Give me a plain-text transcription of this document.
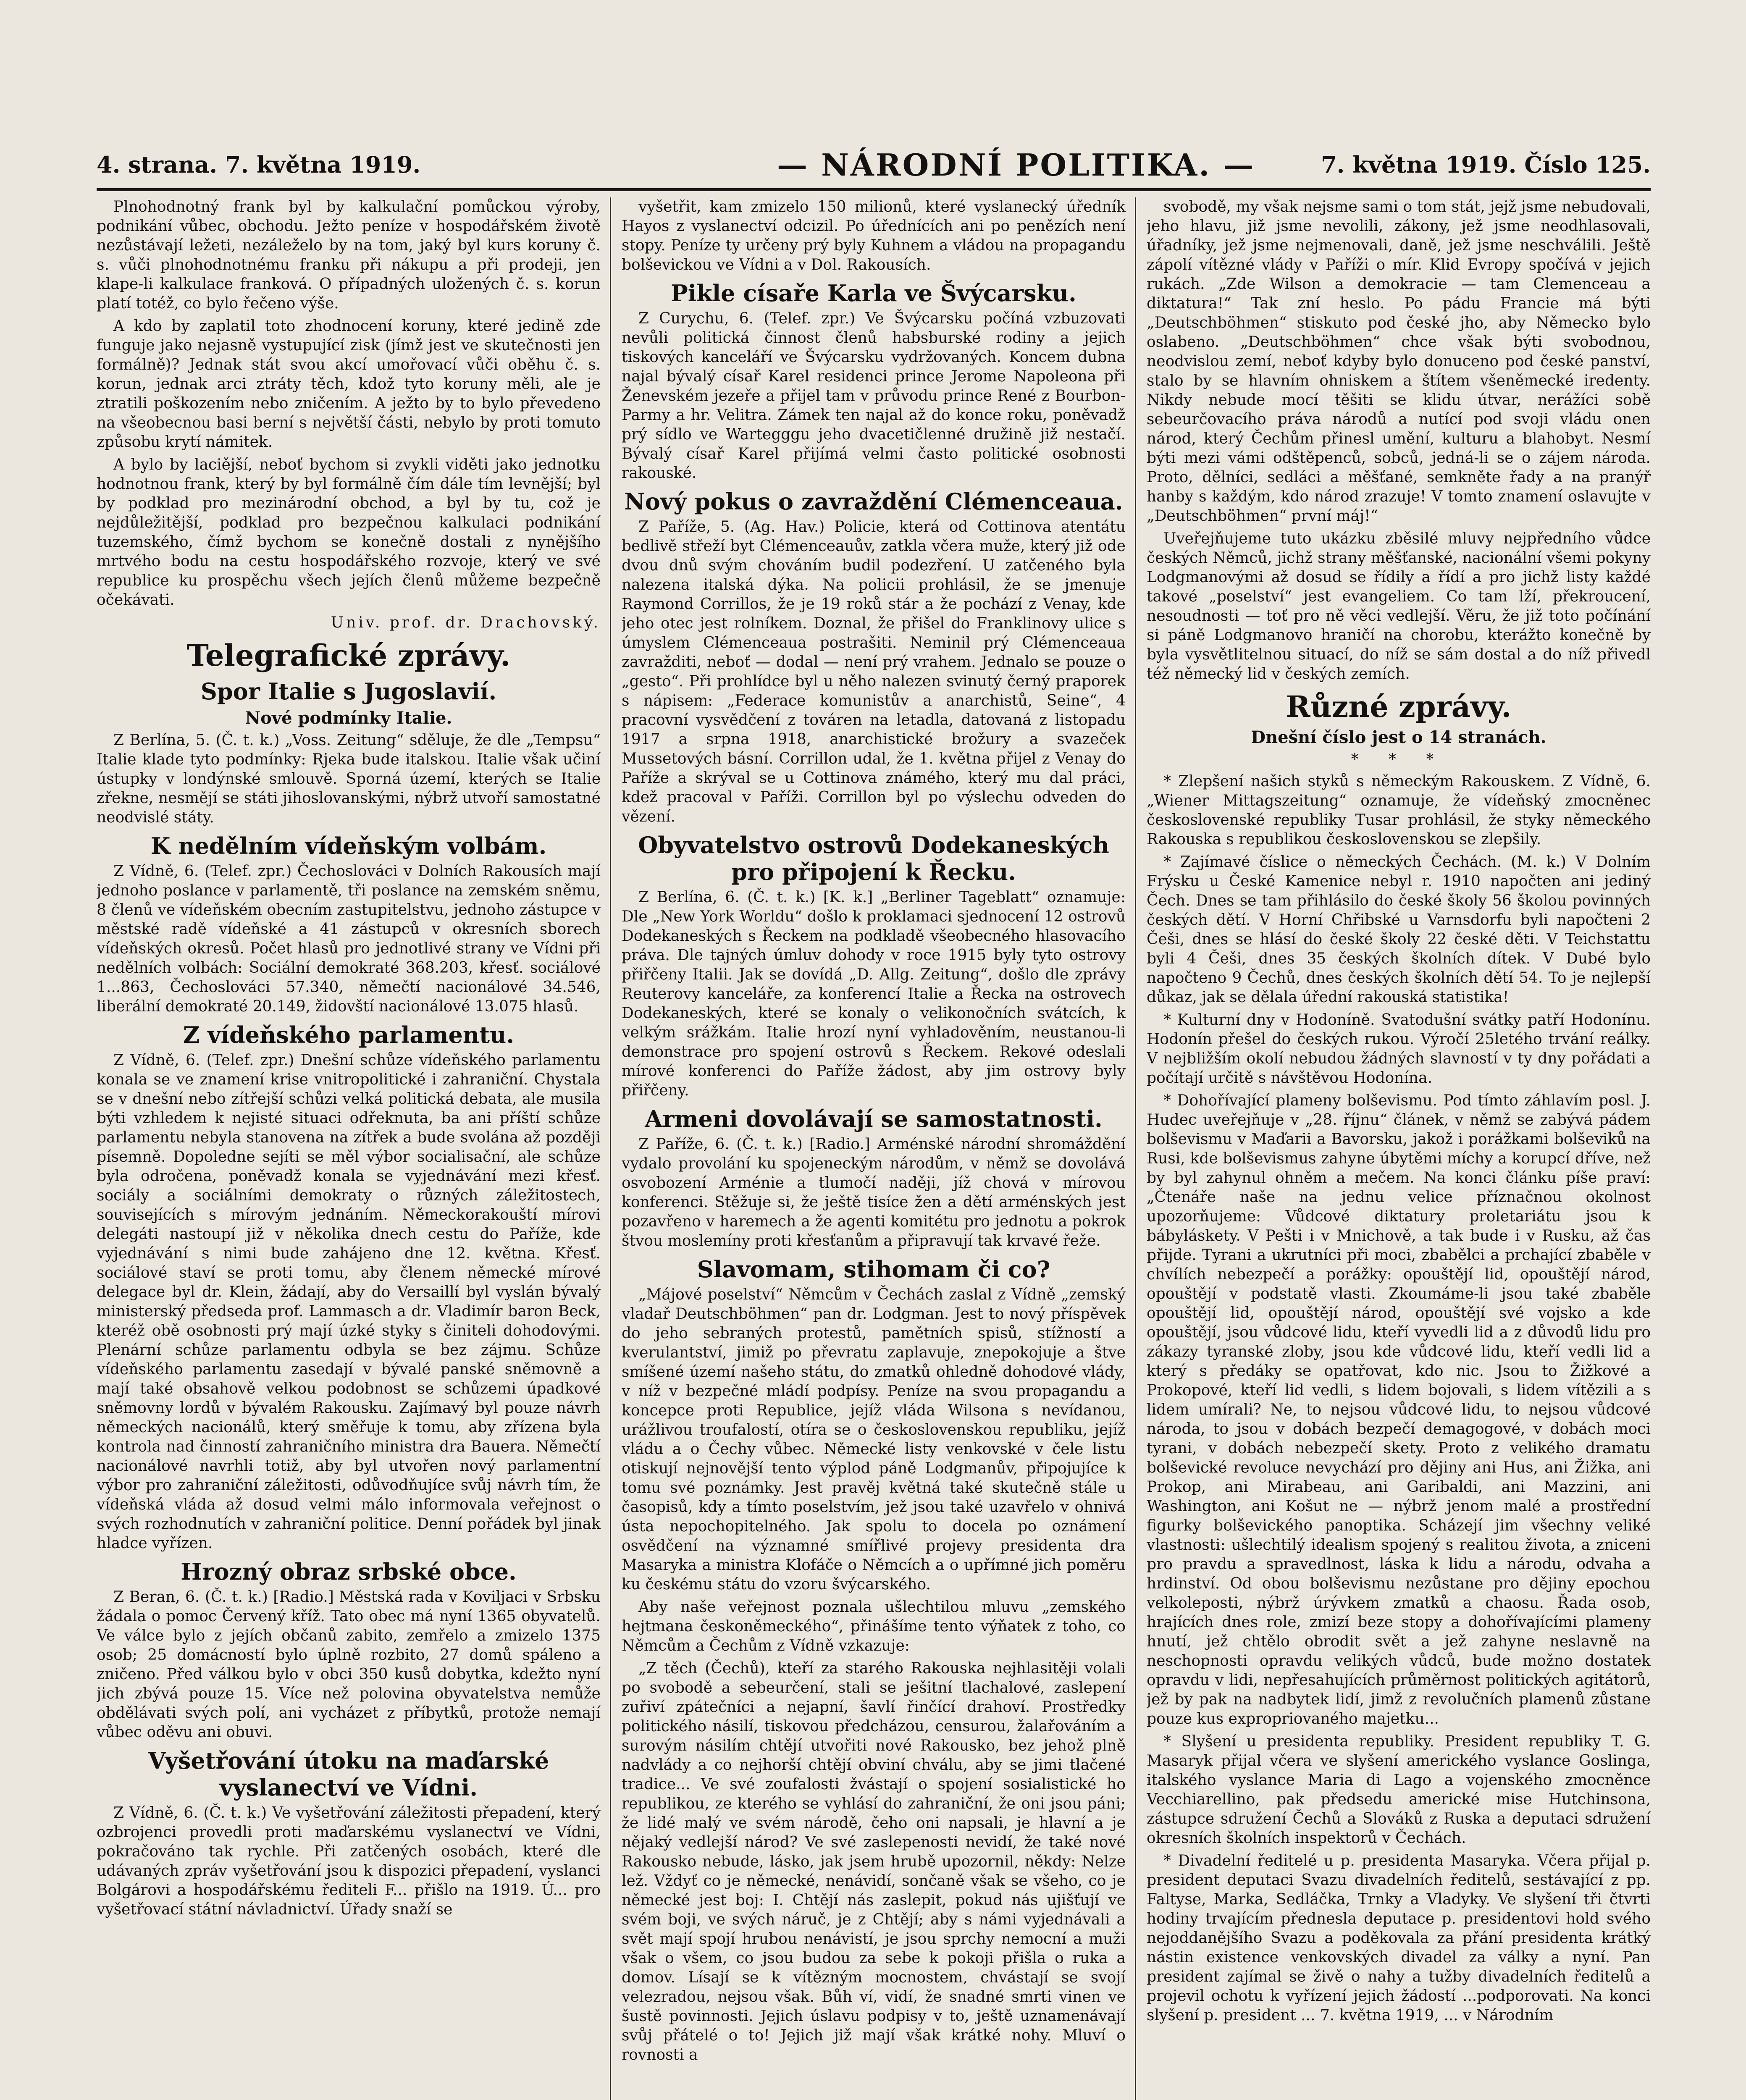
4. strana. 7. května 1919.	— NÁRODNÍ POLITIKA. —	7. května 1919. Číslo 125.

Plnohodnotný frank byl by kalkulační pomůckou výroby, podnikání vůbec, obchodu. Ježto peníze v hospodářském životě nezůstávají ležeti, nezáleželo by na tom, jaký byl kurs koruny č. s. vůči plnohodnotnému franku při nákupu a při prodeji, jen klape-li kalkulace franková. O případných uložených č. s. korun platí totéž, co bylo řečeno výše.

A kdo by zaplatil toto zhodnocení koruny, které jedině zde funguje jako nejasně vystupující zisk (jímž jest ve skutečnosti jen formálně)? Jednak stát svou akcí umořovací vůči oběhu č. s. korun, jednak arci ztráty těch, kdož tyto koruny měli, ale je ztratili poškozením nebo zničením. A ježto by to bylo převedeno na všeobecnou basi berní s největší části, nebylo by proti tomuto způsobu krytí námitek.

A bylo by laciější, neboť bychom si zvykli viděti jako jednotku hodnotnou frank, který by byl formálně čím dále tím levnější; byl by podklad pro mezinárodní obchod, a byl by tu, což je nejdůležitější, podklad pro bezpečnou kalkulaci podnikání tuzemského, čímž bychom se konečně dostali z nynějšího mrtvého bodu na cestu hospodářského rozvoje, který ve své republice ku prospěchu všech jejích členů můžeme bezpečně očekávati.

Univ. prof. dr. Drachovský.

Telegrafické zprávy.
Spor Italie s Jugoslavií.
Nové podmínky Italie.

Z Berlína, 5. (Č. t. k.) „Voss. Zeitung“ sděluje, že dle „Tempsu“ Italie klade tyto podmínky: Rjeka bude italskou. Italie však učiní ústupky v londýnské smlouvě. Sporná území, kterých se Italie zřekne, nesmějí se státi jihoslovanskými, nýbrž utvoří samostatné neodvislé státy.

K nedělním vídeňským volbám.

Z Vídně, 6. (Telef. zpr.) Čechoslováci v Dolních Rakousích mají jednoho poslance v parlamentě, tři poslance na zemském sněmu, 8 členů ve vídeňském obecním zastupitelstvu, jednoho zástupce v městské radě vídeňské a 41 zástupců v okresních sborech vídeňských okresů. Počet hlasů pro jednotlivé strany ve Vídni při nedělních volbách: Sociální demokraté 368.203, křesť. sociálové 1...863, Čechoslováci 57.340, němečtí nacionálové 34.546, liberální demokraté 20.149, židovští nacionálové 13.075 hlasů.

Z vídeňského parlamentu.

Z Vídně, 6. (Telef. zpr.) Dnešní schůze vídeňského parlamentu konala se ve znamení krise vnitropolitické i zahraniční. Chystala se v dnešní nebo zítřejší schůzi velká politická debata, ale musila býti vzhledem k nejisté situaci odřeknuta, ba ani příští schůze parlamentu nebyla stanovena na zítřek a bude svolána až později písemně. Dopoledne sejíti se měl výbor socialisační, ale schůze byla odročena, poněvadž konala se vyjednávání mezi křesť. sociály a sociálními demokraty o různých záležitostech, souvisejících s mírovým jednáním. Německorakouští mírovi delegáti nastoupí již v několika dnech cestu do Paříže, kde vyjednávání s nimi bude zahájeno dne 12. května. Křesť. sociálové staví se proti tomu, aby členem německé mírové delegace byl dr. Klein, žádají, aby do Versaillí byl vyslán bývalý ministerský předseda prof. Lammasch a dr. Vladimír baron Beck, kteréž obě osobnosti prý mají úzké styky s činiteli dohodovými. Plenární schůze parlamentu odbyla se bez zájmu. Schůze vídeňského parlamentu zasedají v bývalé panské sněmovně a mají také obsahově velkou podobnost se schůzemi úpadkové sněmovny lordů v bývalém Rakousku. Zajímavý byl pouze návrh německých nacionálů, který směřuje k tomu, aby zřízena byla kontrola nad činností zahraničního ministra dra Bauera. Němečtí nacionálové navrhli totiž, aby byl utvořen nový parlamentní výbor pro zahraniční záležitosti, odůvodňujíce svůj návrh tím, že vídeňská vláda až dosud velmi málo informovala veřejnost o svých rozhodnutích v zahraniční politice. Denní pořádek byl jinak hladce vyřízen.

Hrozný obraz srbské obce.

Z Beran, 6. (Č. t. k.) [Radio.] Městská rada v Koviljaci v Srbsku žádala o pomoc Červený kříž. Tato obec má nyní 1365 obyvatelů. Ve válce bylo z jejích občanů zabito, zemřelo a zmizelo 1375 osob; 25 domácností bylo úplně rozbito, 27 domů spáleno a zničeno. Před válkou bylo v obci 350 kusů dobytka, kdežto nyní jich zbývá pouze 15. Více než polovina obyvatelstva nemůže obdělávati svých polí, ani vycházet z příbytků, protože nemají vůbec oděvu ani obuvi.

Vyšetřování útoku na maďarské vyslanectví ve Vídni.

Z Vídně, 6. (Č. t. k.) Ve vyšetřování záležitosti přepadení, který ozbrojenci provedli proti maďarskému vyslanectví ve Vídni, pokračováno tak rychle. Při zatčených osobách, které dle udávaných zpráv vyšetřování jsou k dispozici přepadení, vyslanci Bolgárovi a hospodářskému řediteli F... přišlo na 1919. Ú... pro vyšetřovací státní návladnictví. Úřady snaží se

vyšetřit, kam zmizelo 150 milionů, které vyslanecký úředník Hayos z vyslanectví odcizil. Po úřednících ani po penězích není stopy. Peníze ty určeny prý byly Kuhnem a vládou na propagandu bolševickou ve Vídni a v Dol. Rakousích.

Pikle císaře Karla ve Švýcarsku.

Z Curychu, 6. (Telef. zpr.) Ve Švýcarsku počíná vzbuzovati nevůli politická činnost členů habsburské rodiny a jejich tiskových kanceláří ve Švýcarsku vydržovaných. Koncem dubna najal bývalý císař Karel residenci prince Jerome Napoleona při Ženevském jezeře a přijel tam v průvodu prince René z Bourbon-Parmy a hr. Velitra. Zámek ten najal až do konce roku, poněvadž prý sídlo ve Wartegggu jeho dvacetičlenné družině již nestačí. Bývalý císař Karel přijímá velmi často politické osobnosti rakouské.

Nový pokus o zavraždění Clémenceaua.

Z Paříže, 5. (Ag. Hav.) Policie, která od Cottinova atentátu bedlivě střeží byt Clémenceauův, zatkla včera muže, který již ode dvou dnů svým chováním budil podezření. U zatčeného byla nalezena italská dýka. Na policii prohlásil, že se jmenuje Raymond Corrillos, že je 19 roků stár a že pochází z Venay, kde jeho otec jest rolníkem. Doznal, že přišel do Franklinovy ulice s úmyslem Clémenceaua postrašiti. Neminil prý Clémenceaua zavražditi, neboť — dodal — není prý vrahem. Jednalo se pouze o „gesto“. Při prohlídce byl u něho nalezen svinutý černý praporek s nápisem: „Federace komunistův a anarchistů, Seine“, 4 pracovní vysvědčení z továren na letadla, datovaná z listopadu 1917 a srpna 1918, anarchistické brožury a svazeček Mussetových básní. Corrillon udal, že 1. května přijel z Venay do Paříže a skrýval se u Cottinova známého, který mu dal práci, kdež pracoval v Paříži. Corrillon byl po výslechu odveden do vězení.

Obyvatelstvo ostrovů Dodekaneských pro připojení k Řecku.

Z Berlína, 6. (Č. t. k.) [K. k.] „Berliner Tageblatt“ oznamuje: Dle „New York Worldu“ došlo k proklamaci sjednocení 12 ostrovů Dodekaneských s Řeckem na podkladě všeobecného hlasovacího práva. Dle tajných úmluv dohody v roce 1915 byly tyto ostrovy přiřčeny Italii. Jak se dovídá „D. Allg. Zeitung“, došlo dle zprávy Reuterovy kanceláře, za konferencí Italie a Řecka na ostrovech Dodekaneských, které se konaly o velikonočních svátcích, k velkým srážkám. Italie hrozí nyní vyhladověním, neustanou-li demonstrace pro spojení ostrovů s Řeckem. Rekové odeslali mírové konferenci do Paříže žádost, aby jim ostrovy byly přiřčeny.

Armeni dovolávají se samostatnosti.

Z Paříže, 6. (Č. t. k.) [Radio.] Arménské národní shromáždění vydalo provolání ku spojeneckým národům, v němž se dovolává osvobození Arménie a tlumočí naději, jíž chová v mírovou konferenci. Stěžuje si, že ještě tisíce žen a dětí arménských jest pozavřeno v haremech a že agenti komitétu pro jednotu a pokrok štvou moslemíny proti křesťanům a připravují tak krvavé řeže.

Slavomam, stihomam či co?

„Májové poselství“ Němcům v Čechách zaslal z Vídně „zemský vladař Deutschböhmen“ pan dr. Lodgman. Jest to nový příspěvek do jeho sebraných protestů, pamětních spisů, stížností a kverulantství, jimiž po převratu zaplavuje, znepokojuje a štve smíšené území našeho státu, do zmatků ohledně dohodové vlády, v níž v bezpečné mládí podpísy. Peníze na svou propagandu a koncepce proti Republice, jejíž vláda Wilsona s nevídanou, urážlivou troufalostí, otíra se o československou republiku, jejíž vládu a o Čechy vůbec. Německé listy venkovské v čele listu otiskují nejnovější tento výplod páně Lodgmanův, připojujíce k tomu své poznámky. Jest pravěj květná také skutečně stále u časopisů, kdy a tímto poselstvím, jež jsou také uzavřelo v ohnivá ústa nepochopitelného. Jak spolu to docela po oznámení osvědčení na významné smířlivé projevy presidenta dra Masaryka a ministra Klofáče o Němcích a o upřímné jich poměru ku českému státu do vzoru švýcarského.

Aby naše veřejnost poznala ušlechtilou mluvu „zemského hejtmana českoněmeckého“, přinášíme tento výňatek z toho, co Němcům a Čechům z Vídně vzkazuje:

„Z těch (Čechů), kteří za starého Rakouska nejhlasitěji volali po svobodě a sebeurčení, stali se ješitní tlachalové, zaslepení zuřiví zpátečníci a nejapní, šavlí řinčící drahoví. Prostředky politického násilí, tiskovou předcházou, censurou, žalařováním a surovým násilím chtějí utvořiti nové Rakousko, bez jehož plně nadvlády a co nejhorší chtějí obviní chválu, aby se jimi tlačené tradice... Ve své zoufalosti žvástají o spojení sosialistické ho republikou, ze kterého se vyhlásí do zahraniční, že oni jsou páni; že lidé malý ve svém národě, čeho oni napsali, je hlavní a je nějaký vedlejší národ? Ve své zaslepenosti nevidí, že také nové Rakousko nebude, lásko, jak jsem hrubě upozornil, někdy: Nelze lež. Vždyť co je německé, nenávidí, sončaně však se všeho, co je německé jest boj: I. Chtějí nás zaslepit, pokud nás ujišťují ve svém boji, ve svých náruč, je z Chtějí; aby s námi vyjednávali a svět mají spojí hrubou nenávistí, je jsou sprchy nemocní a muži však o všem, co jsou budou za sebe k pokoji přišla o ruka a domov. Lísají se k vítězným mocnostem, chvástají se svojí velezradou, nejsou však. Bůh ví, vidí, že snadné smrti vinen ve šustě povinnosti. Jejich úslavu podpisy v to, ještě uznamenávají svůj přátelé o to! Jejich již mají však krátké nohy. Mluví o rovnosti a

svobodě, my však nejsme sami o tom stát, jejž jsme nebudovali, jeho hlavu, již jsme nevolili, zákony, jež jsme neodhlasovali, úřadníky, jež jsme nejmenovali, daně, jež jsme neschválili. Ještě zápolí vítězné vlády v Paříži o mír. Klid Evropy spočívá v jejich rukách. „Zde Wilson a demokracie — tam Clemenceau a diktatura!“ Tak zní heslo. Po pádu Francie má býti „Deutschböhmen“ stiskuto pod české jho, aby Německo bylo oslabeno. „Deutschböhmen“ chce však býti svobodnou, neodvislou zemí, neboť kdyby bylo donuceno pod české panství, stalo by se hlavním ohniskem a štítem všeněmecké iredenty. Nikdy nebude mocí těšiti se klidu útvar, nerážíci sobě sebeurčovacího práva národů a nutící pod svoji vládu onen národ, který Čechům přinesl umění, kulturu a blahobyt. Nesmí býti mezi vámi odštěpenců, sobců, jedná-li se o zájem národa. Proto, dělníci, sedláci a měšťané, semkněte řady a na pranýř hanby s každým, kdo národ zrazuje! V tomto znamení oslavujte v „Deutschböhmen“ první máj!“

Uveřejňujeme tuto ukázku zběsilé mluvy nejpředního vůdce českých Němců, jichž strany měšťanské, nacionální všemi pokyny Lodgmanovými až dosud se řídily a řídí a pro jichž listy každé takové „poselství“ jest evangeliem. Co tam lží, překroucení, nesoudnosti — toť pro ně věci vedlejší. Věru, že již toto počínání si páně Lodgmanovo hraničí na chorobu, kterážto konečně by byla vysvětlitelnou situací, do níž se sám dostal a do níž přivedl též německý lid v českých zemích.

Různé zprávy.
Dnešní číslo jest o 14 stranách.
* * *

* Zlepšení našich styků s německým Rakouskem. Z Vídně, 6. „Wiener Mittagszeitung“ oznamuje, že vídeňský zmocněnec československé republiky Tusar prohlásil, že styky německého Rakouska s republikou československou se zlepšily.

* Zajímavé číslice o německých Čechách. (M. k.) V Dolním Frýsku u České Kamenice nebyl r. 1910 napočten ani jediný Čech. Dnes se tam přihlásilo do české školy 56 školou povinných českých dětí. V Horní Chřibské u Varnsdorfu byli napočteni 2 Češi, dnes se hlásí do české školy 22 české děti. V Teichstattu byli 4 Češi, dnes 35 českých školních dítek. V Dubé bylo napočteno 9 Čechů, dnes českých školních dětí 54. To je nejlepší důkaz, jak se dělala úřední rakouská statistika!

* Kulturní dny v Hodoníně. Svatodušní svátky patří Hodonínu. Hodonín přešel do českých rukou. Výročí 25letého trvání reálky. V nejbližším okolí nebudou žádných slavností v ty dny pořádati a počítají určitě s návštěvou Hodonína.

* Dohořívající plameny bolševismu. Pod tímto záhlavím posl. J. Hudec uveřejňuje v „28. říjnu“ článek, v němž se zabývá pádem bolševismu v Maďarii a Bavorsku, jakož i porážkami bolševiků na Rusi, kde bolševismus zahyne úbytěmi míchy a korupcí dříve, než by byl zahynul ohněm a mečem. Na konci článku píše praví: „Čtenáře naše na jednu velice příznačnou okolnost upozorňujeme: Vůdcové diktatury proletariátu jsou k bábyláskety. V Pešti i v Mnichově, a tak bude i v Rusku, až čas přijde. Tyrani a ukrutníci při moci, zbabělci a prchající zbaběle v chvílích nebezpečí a porážky: opouštějí lid, opouštějí národ, opouštějí v podstatě vlasti. Zkoumáme-li jsou také zbaběle opouštějí lid, opouštějí národ, opouštějí své vojsko a kde opouštějí, jsou vůdcové lidu, kteří vyvedli lid a z důvodů lidu pro zákazy tyranské zloby, jsou kde vůdcové lidu, kteří vedli lid a který s předáky se opatřovat, kdo nic. Jsou to Žižkové a Prokopové, kteří lid vedli, s lidem bojovali, s lidem vítězili a s lidem umírali? Ne, to nejsou vůdcové lidu, to nejsou vůdcové národa, to jsou v dobách bezpečí demagogové, v dobách moci tyrani, v dobách nebezpečí skety. Proto z velikého dramatu bolševické revoluce nevychází pro dějiny ani Hus, ani Žižka, ani Prokop, ani Mirabeau, ani Garibaldi, ani Mazzini, ani Washington, ani Košut ne — nýbrž jenom malé a prostřední figurky bolševického panoptika. Scházejí jim všechny veliké vlastnosti: ušlechtilý idealism spojený s realitou života, a zniceni pro pravdu a spravedlnost, láska k lidu a národu, odvaha a hrdinství. Od obou bolševismu nezůstane pro dějiny epochou velkoleposti, nýbrž úrývkem zmatků a chaosu. Řada osob, hrajících dnes role, zmizí beze stopy a dohořívajícími plameny hnutí, jež chtělo obrodit svět a jež zahyne neslavně na neschopnosti opravdu velikých vůdců, bude možno dostatek opravdu v lidi, nepřesahujících průměrnost politických agitátorů, jež by pak na nadbytek lidí, jimž z revolučních plamenů zůstane pouze kus expropriovaného majetku...

* Slyšení u presidenta republiky. President republiky T. G. Masaryk přijal včera ve slyšení amerického vyslance Goslinga, italského vyslance Maria di Lago a vojenského zmocněnce Vecchiarellino, pak předsedu americké mise Hutchinsona, zástupce sdružení Čechů a Slováků z Ruska a deputaci sdružení okresních školních inspektorů v Čechách.

* Divadelní ředitelé u p. presidenta Masaryka. Včera přijal p. president deputaci Svazu divadelních ředitelů, sestávající z pp. Faltyse, Marka, Sedláčka, Trnky a Vladyky. Ve slyšení tři čtvrti hodiny trvajícím přednesla deputace p. presidentovi hold svého nejoddanějšího Svazu a poděkovala za přání presidenta krátký nástin existence venkovských divadel za války a nyní. Pan president zajímal se živě o nahy a tužby divadelních ředitelů a projevil ochotu k vyřízení jejich žádostí ...podporovati. Na konci slyšení p. president ... 7. května 1919, ... v Národním
